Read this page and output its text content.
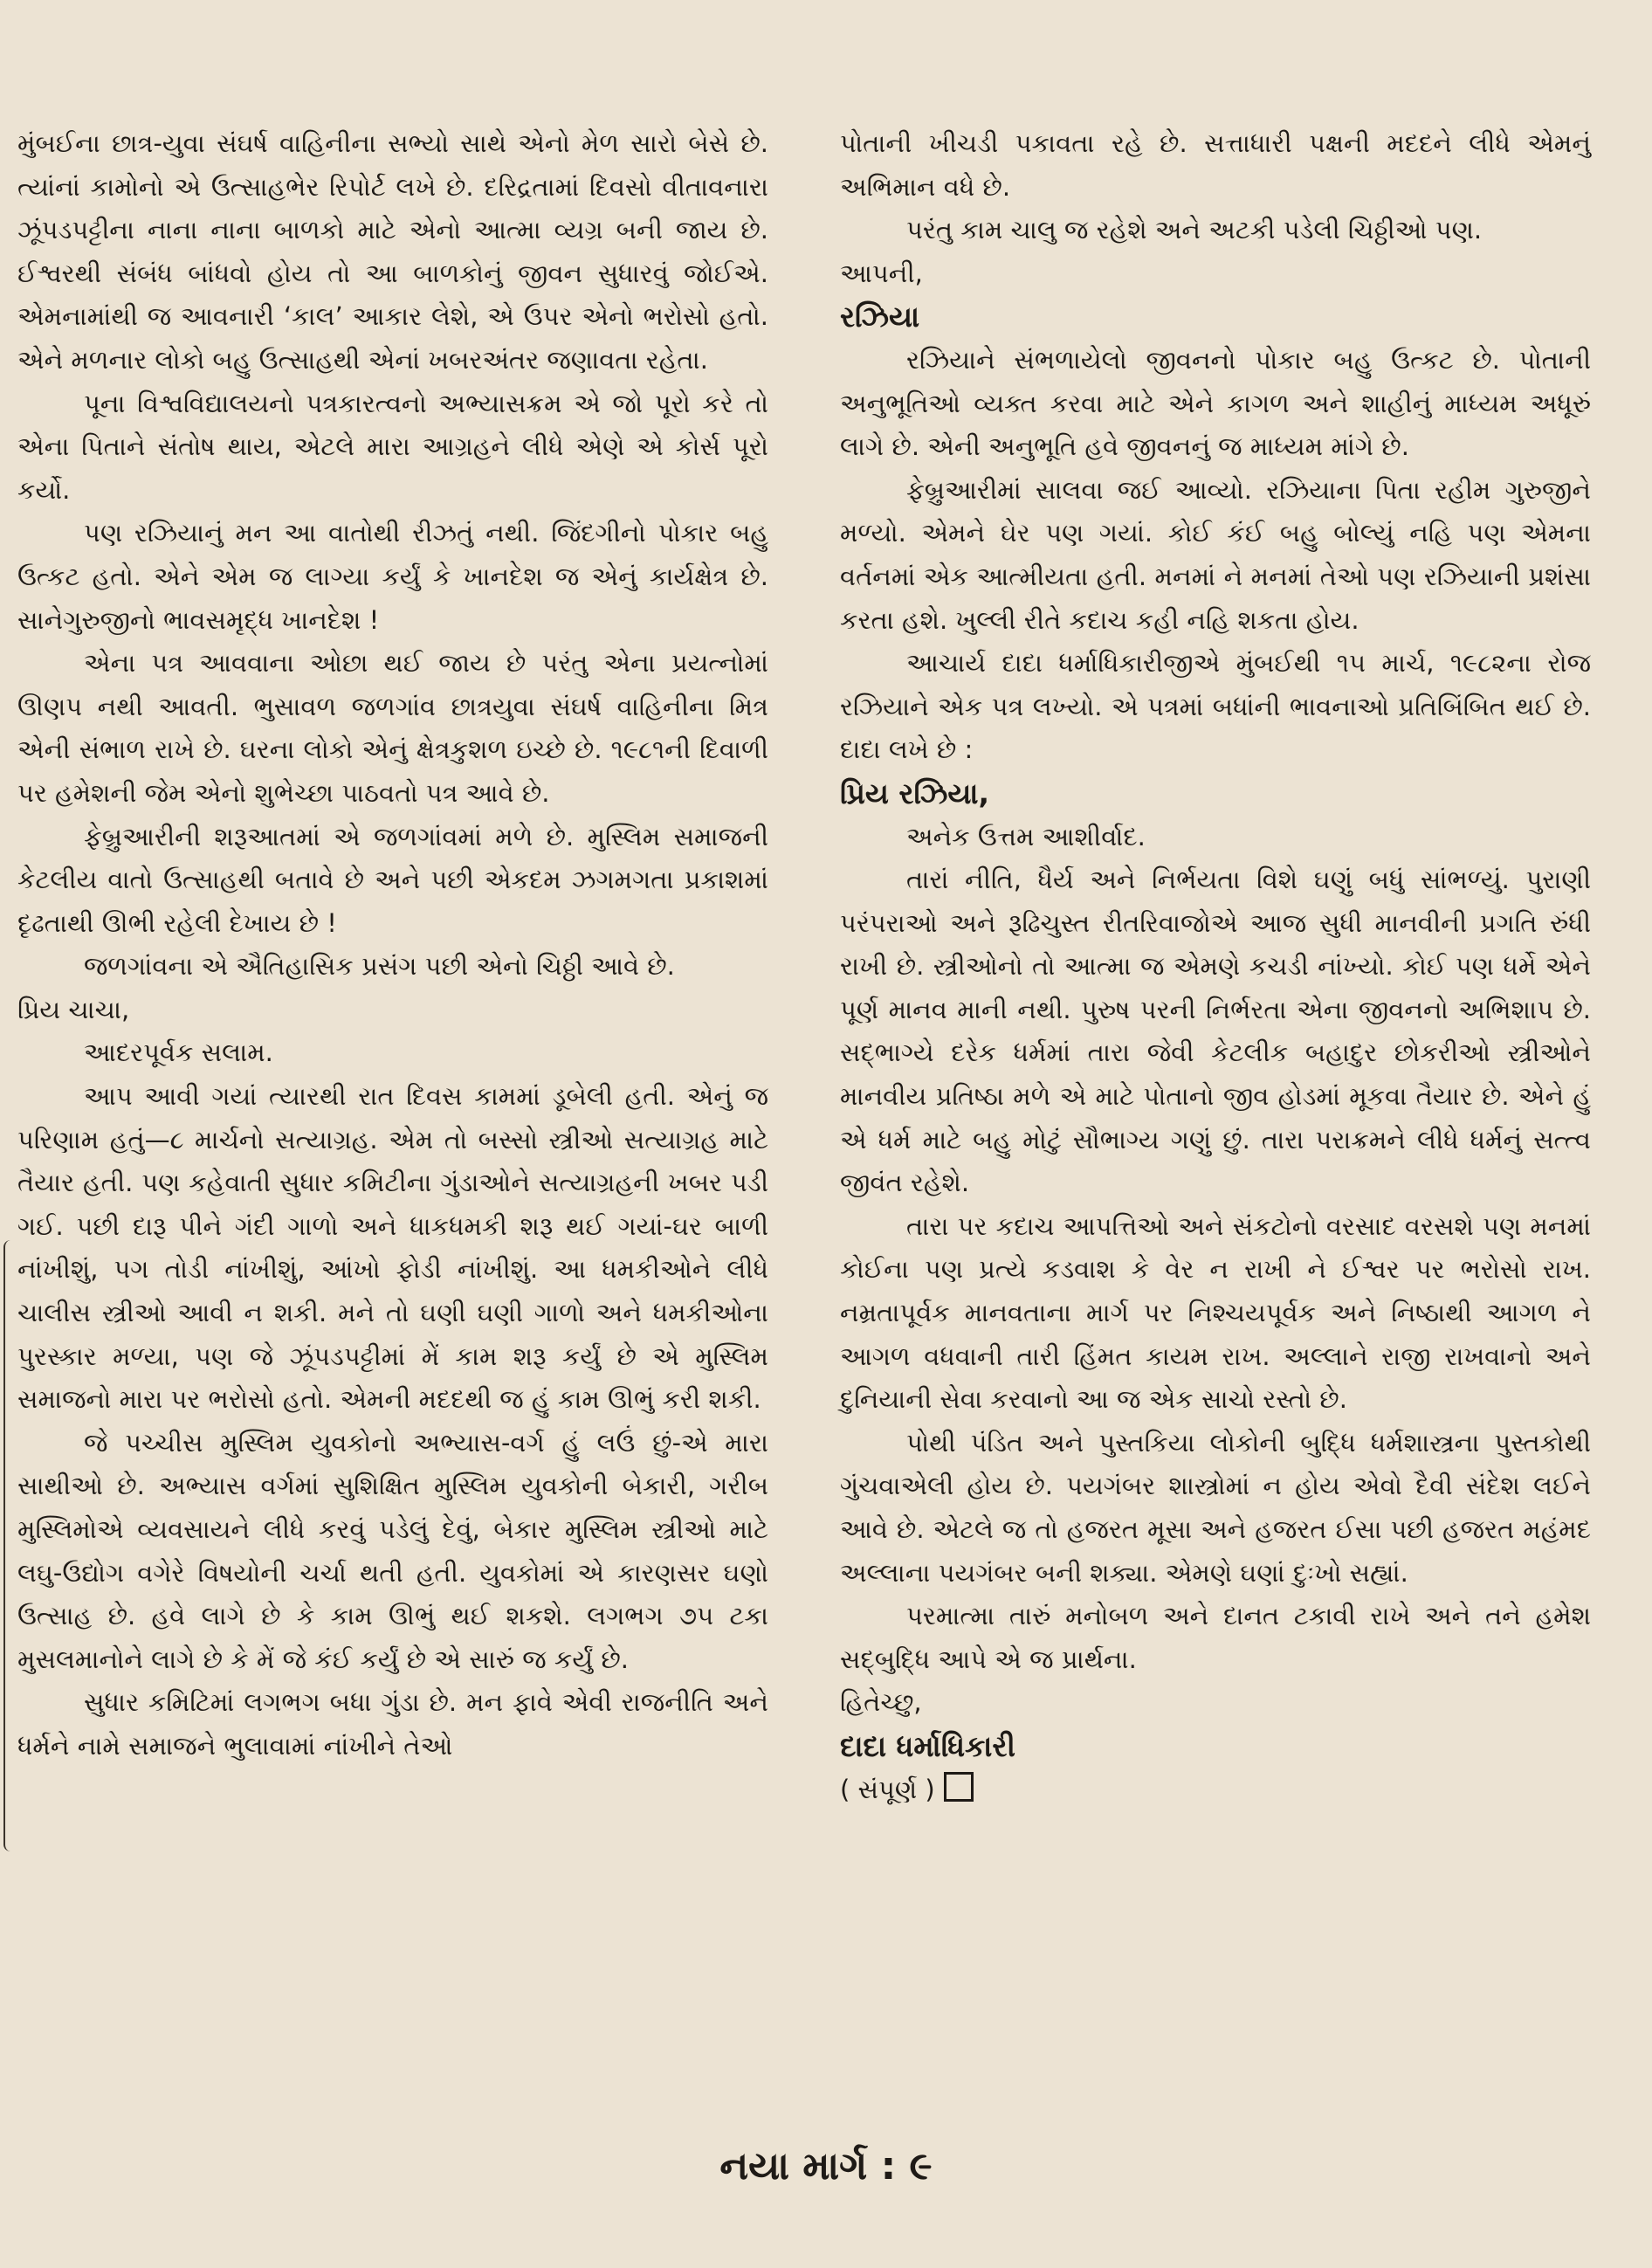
મુંબઈના છાત્ર-યુવા સંઘર્ષ વાહિનીના સભ્યો સાથે એનો મેળ સારો બેસે છે. ત્યાંનાં કામોનો એ ઉત્સાહભેર રિપોર્ટ લખે છે. દરિદ્રતામાં દિવસો વીતાવનારા ઝૂંપડપટ્ટીના નાના નાના બાળકો માટે એનો આત્મા વ્યગ્ર બની જાય છે. ઈશ્વરથી સંબંધ બાંધવો હોય તો આ બાળકોનું જીવન સુધારવું જોઈએ. એમનામાંથી જ આવનારી ‘કાલ’ આકાર લેશે, એ ઉપર એનો ભરોસો હતો. એને મળનાર લોકો બહુ ઉત્સાહથી એનાં ખબરઅંતર જણાવતા રહેતા.

પૂના વિશ્વવિદ્યાલયનો પત્રકારત્વનો અભ્યાસક્રમ એ જો પૂરો કરે તો એના પિતાને સંતોષ થાય, એટલે મારા આગ્રહને લીધે એણે એ કોર્સ પૂરો કર્યો.

પણ રઝિયાનું મન આ વાતોથી રીઝતું નથી. જિંદગીનો પોકાર બહુ ઉત્કટ હતો. એને એમ જ લાગ્યા કર્યું કે ખાનદેશ જ એનું કાર્યક્ષેત્ર છે. સાનેગુરુજીનો ભાવસમૃદ્ધ ખાનદેશ !

એના પત્ર આવવાના ઓછા થઈ જાય છે પરંતુ એના પ્રયત્નોમાં ઊણપ નથી આવતી. ભુસાવળ જળગાંવ છાત્રયુવા સંઘર્ષ વાહિનીના મિત્ર એની સંભાળ રાખે છે. ઘરના લોકો એનું ક્ષેત્રકુશળ ઇચ્છે છે. ૧૯૮૧ની દિવાળી પર હમેશની જેમ એનો શુભેચ્છા પાઠવતો પત્ર આવે છે.

ફેબ્રુઆરીની શરૂઆતમાં એ જળગાંવમાં મળે છે. મુસ્લિમ સમાજની કેટલીય વાતો ઉત્સાહથી બતાવે છે અને પછી એકદમ ઝગમગતા પ્રકાશમાં દૃઢતાથી ઊભી રહેલી દેખાય છે !

જળગાંવના એ ઐતિહાસિક પ્રસંગ પછી એનો ચિઠ્ઠી આવે છે.

પ્રિય ચાચા,

આદરપૂર્વક સલામ.

આપ આવી ગયાં ત્યારથી રાત દિવસ કામમાં ડૂબેલી હતી. એનું જ પરિણામ હતું—૮ માર્ચનો સત્યાગ્રહ. એમ તો બસ્સો સ્ત્રીઓ સત્યાગ્રહ માટે તૈયાર હતી. પણ કહેવાતી સુધાર કમિટીના ગુંડાઓને સત્યાગ્રહની ખબર પડી ગઈ. પછી દારૂ પીને ગંદી ગાળો અને ધાકધમકી શરૂ થઈ ગયાં-ઘર બાળી નાંખીશું, પગ તોડી નાંખીશું, આંખો ફોડી નાંખીશું. આ ધમકીઓને લીધે ચાલીસ સ્ત્રીઓ આવી ન શકી. મને તો ઘણી ઘણી ગાળો અને ધમકીઓના પુરસ્કાર મળ્યા, પણ જે ઝૂંપડપટ્ટીમાં મેં કામ શરૂ કર્યું છે એ મુસ્લિમ સમાજનો મારા પર ભરોસો હતો. એમની મદદથી જ હું કામ ઊભું કરી શકી.

જે પચ્ચીસ મુસ્લિમ યુવકોનો અભ્યાસ-વર્ગ હું લઉં છું-એ મારા સાથીઓ છે. અભ્યાસ વર્ગમાં સુશિક્ષિત મુસ્લિમ યુવકોની બેકારી, ગરીબ મુસ્લિમોએ વ્યવસાયને લીધે કરવું પડેલું દેવું, બેકાર મુસ્લિમ સ્ત્રીઓ માટે લઘુ-ઉદ્યોગ વગેરે વિષયોની ચર્ચા થતી હતી. યુવકોમાં એ કારણસર ઘણો ઉત્સાહ છે. હવે લાગે છે કે કામ ઊભું થઈ શકશે. લગભગ ૭૫ ટકા મુસલમાનોને લાગે છે કે મેં જે કંઈ કર્યું છે એ સારું જ કર્યું છે.

સુધાર કમિટિમાં લગભગ બધા ગુંડા છે. મન ફાવે એવી રાજનીતિ અને ધર્મને નામે સમાજને ભુલાવામાં નાંખીને તેઓ

પોતાની ખીચડી પકાવતા રહે છે. સત્તાધારી પક્ષની મદદને લીધે એમનું અભિમાન વધે છે.

પરંતુ કામ ચાલુ જ રહેશે અને અટકી પડેલી ચિઠ્ઠીઓ પણ.

આપની,

રઝિયા

રઝિયાને સંભળાયેલો જીવનનો પોકાર બહુ ઉત્કટ છે. પોતાની અનુભૂતિઓ વ્યક્ત કરવા માટે એને કાગળ અને શાહીનું માધ્યમ અધૂરું લાગે છે. એની અનુભૂતિ હવે જીવનનું જ માધ્યમ માંગે છે.

ફેબ્રુઆરીમાં સાલવા જઈ આવ્યો. રઝિયાના પિતા રહીમ ગુરુજીને મળ્યો. એમને ઘેર પણ ગયાં. કોઈ કંઈ બહુ બોલ્યું નહિ પણ એમના વર્તનમાં એક આત્મીયતા હતી. મનમાં ને મનમાં તેઓ પણ રઝિયાની પ્રશંસા કરતા હશે. ખુલ્લી રીતે કદાચ કહી નહિ શકતા હોય.

આચાર્ય દાદા ધર્માધિકારીજીએ મુંબઈથી ૧૫ માર્ચ, ૧૯૮૨ના રોજ રઝિયાને એક પત્ર લખ્યો. એ પત્રમાં બધાંની ભાવનાઓ પ્રતિબિંબિત થઈ છે. દાદા લખે છે :

પ્રિય રઝિયા,

અનેક ઉત્તમ આશીર્વાદ.

તારાં નીતિ, ધૈર્ય અને નિર્ભયતા વિશે ઘણું બધું સાંભળ્યું. પુરાણી પરંપરાઓ અને રૂઢિચુસ્ત રીતરિવાજોએ આજ સુધી માનવીની પ્રગતિ રુંધી રાખી છે. સ્ત્રીઓનો તો આત્મા જ એમણે કચડી નાંખ્યો. કોઈ પણ ધર્મે એને પૂર્ણ માનવ માની નથી. પુરુષ પરની નિર્ભરતા એના જીવનનો અભિશાપ છે. સદ્ભાગ્યે દરેક ધર્મમાં તારા જેવી કેટલીક બહાદુર છોકરીઓ સ્ત્રીઓને માનવીય પ્રતિષ્ઠા મળે એ માટે પોતાનો જીવ હોડમાં મૂકવા તૈયાર છે. એને હું એ ધર્મ માટે બહુ મોટું સૌભાગ્ય ગણું છું. તારા પરાક્રમને લીધે ધર્મનું સત્ત્વ જીવંત રહેશે.

તારા પર કદાચ આપત્તિઓ અને સંકટોનો વરસાદ વરસશે પણ મનમાં કોઈના પણ પ્રત્યે કડવાશ કે વેર ન રાખી ને ઈશ્વર પર ભરોસો રાખ. નમ્રતાપૂર્વક માનવતાના માર્ગ પર નિશ્ચયપૂર્વક અને નિષ્ઠાથી આગળ ને આગળ વધવાની તારી હિંમત કાયમ રાખ. અલ્લાને રાજી રાખવાનો અને દુનિયાની સેવા કરવાનો આ જ એક સાચો રસ્તો છે.

પોથી પંડિત અને પુસ્તકિયા લોકોની બુદ્ધિ ધર્મશાસ્ત્રના પુસ્તકોથી ગુંચવાએલી હોય છે. પયગંબર શાસ્ત્રોમાં ન હોય એવો દૈવી સંદેશ લઈને આવે છે. એટલે જ તો હજરત મૂસા અને હજરત ઈસા પછી હજરત મહંમદ અલ્લાના પયગંબર બની શક્યા. એમણે ઘણાં દુઃખો સહ્યાં.

પરમાત્મા તારું મનોબળ અને દાનત ટકાવી રાખે અને તને હમેશ સદ્બુદ્ધિ આપે એ જ પ્રાર્થના.

હિતેચ્છુ,

દાદા ધર્માધિકારી

( સંપૂર્ણ )

નયા માર્ગ : ૯
